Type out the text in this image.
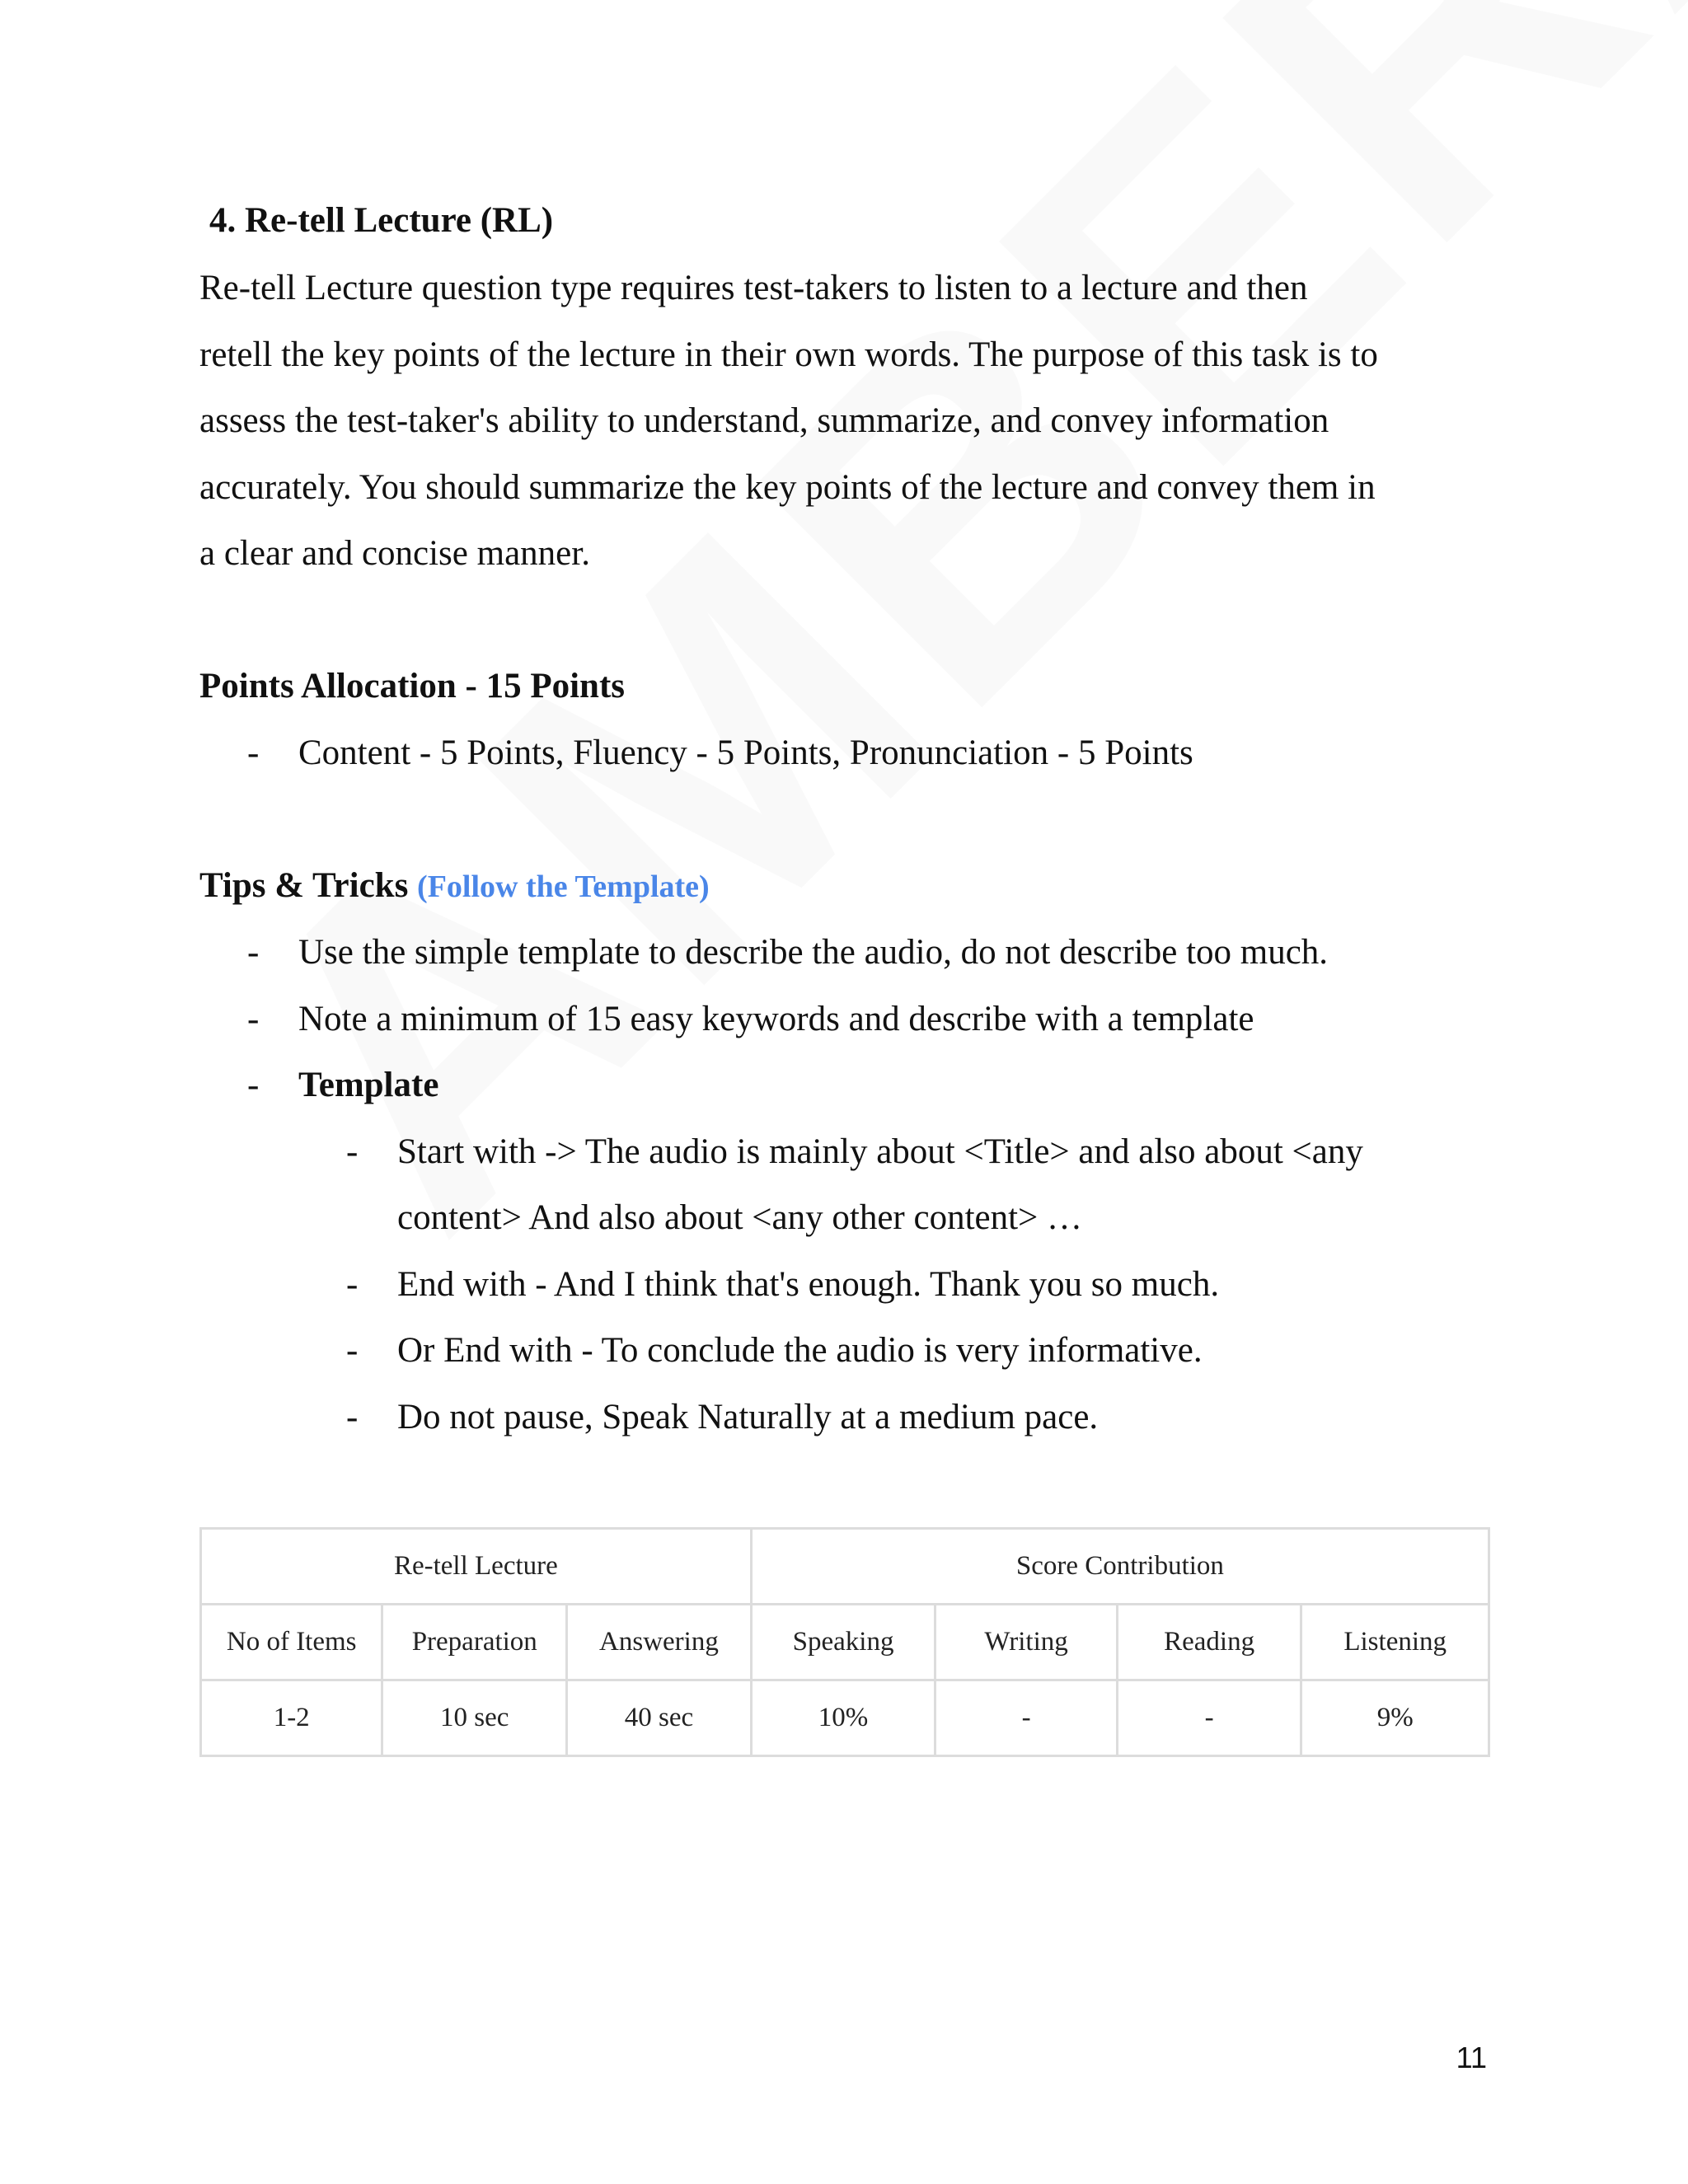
4. Re-tell Lecture (RL)
Re-tell Lecture question type requires test-takers to listen to a lecture and then
retell the key points of the lecture in their own words. The purpose of this task is to
assess the test-taker's ability to understand, summarize, and convey information
accurately. You should summarize the key points of the lecture and convey them in
a clear and concise manner.
Points Allocation - 15 Points
- Content - 5 Points, Fluency - 5 Points, Pronunciation - 5 Points
Tips & Tricks (Follow the Template)
- Use the simple template to describe the audio, do not describe too much.
- Note a minimum of 15 easy keywords and describe with a template
- Template
- Start with -> The audio is mainly about <Title> and also about <any
content> And also about <any other content> …
- End with - And I think that's enough. Thank you so much.
- Or End with - To conclude the audio is very informative.
- Do not pause, Speak Naturally at a medium pace.
Re-tell Lecture			Score Contribution			
No of Items	Preparation	Answering	Speaking	Writing	Reading	Listening
1-2	10 sec	40 sec	10%	-	-	9%
11
